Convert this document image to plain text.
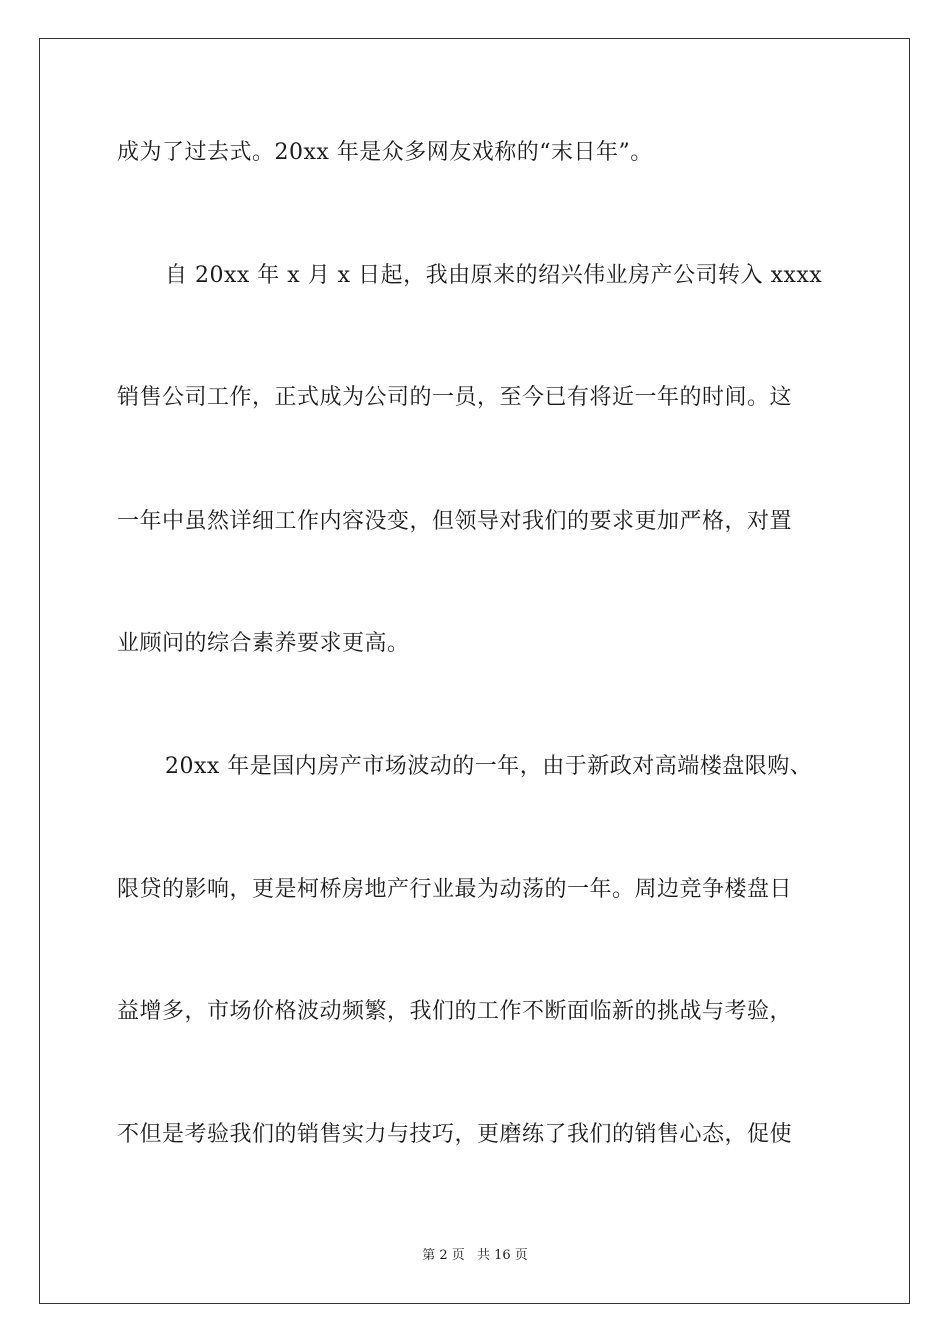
成为了过去式。20xx 年是众多网友戏称的“末日年”。
自 20xx 年 x 月 x 日起，我由原来的绍兴伟业房产公司转入 xxxx
销售公司工作，正式成为公司的一员，至今已有将近一年的时间。这
一年中虽然详细工作内容没变，但领导对我们的要求更加严格，对置
业顾问的综合素养要求更高。
20xx 年是国内房产市场波动的一年，由于新政对高端楼盘限购、
限贷的影响，更是柯桥房地产行业最为动荡的一年。周边竞争楼盘日
益增多，市场价格波动频繁，我们的工作不断面临新的挑战与考验，
不但是考验我们的销售实力与技巧，更磨练了我们的销售心态，促使
第 2 页 共 16 页
